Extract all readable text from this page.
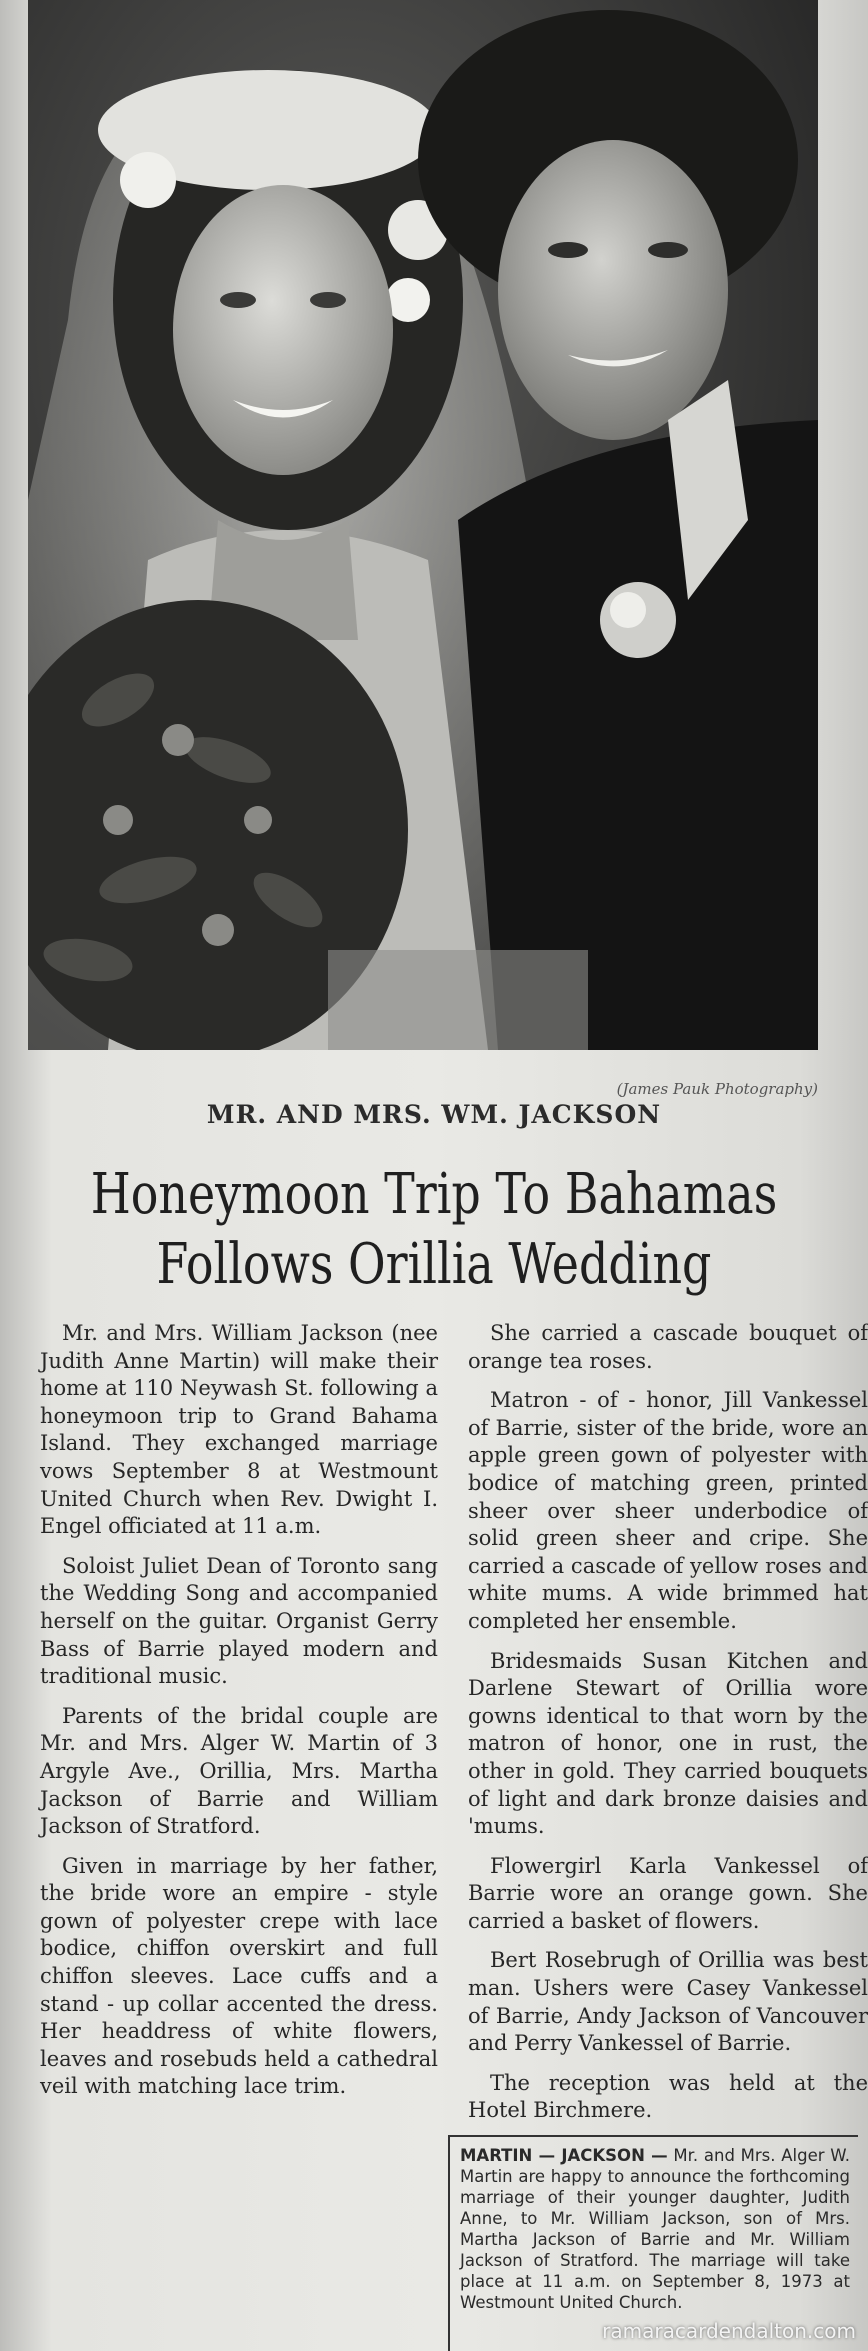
(James Pauk Photography)
MR. AND MRS. WM. JACKSON
Honeymoon Trip To Bahamas
Follows Orillia Wedding

Mr. and Mrs. William Jackson (nee Judith Anne Martin) will make their home at 110 Neywash St. following a honeymoon trip to Grand Bahama Island. They exchanged marriage vows September 8 at Westmount United Church when Rev. Dwight I. Engel officiated at 11 a.m.

Soloist Juliet Dean of Toronto sang the Wedding Song and accompanied herself on the guitar. Organist Gerry Bass of Barrie played modern and traditional music.

Parents of the bridal couple are Mr. and Mrs. Alger W. Martin of 3 Argyle Ave., Orillia, Mrs. Martha Jackson of Barrie and William Jackson of Stratford.

Given in marriage by her father, the bride wore an empire - style gown of polyester crepe with lace bodice, chiffon overskirt and full chiffon sleeves. Lace cuffs and a stand - up collar accented the dress. Her headdress of white flowers, leaves and rosebuds held a cathedral veil with matching lace trim.

She carried a cascade bouquet of orange tea roses.

Matron - of - honor, Jill Vankessel of Barrie, sister of the bride, wore an apple green gown of polyester with bodice of matching green, printed sheer over sheer underbodice of solid green sheer and cripe. She carried a cascade of yellow roses and white mums. A wide brimmed hat completed her ensemble.

Bridesmaids Susan Kitchen and Darlene Stewart of Orillia wore gowns identical to that worn by the matron of honor, one in rust, the other in gold. They carried bouquets of light and dark bronze daisies and 'mums.

Flowergirl Karla Vankessel of Barrie wore an orange gown. She carried a basket of flowers.

Bert Rosebrugh of Orillia was best man. Ushers were Casey Vankessel of Barrie, Andy Jackson of Vancouver and Perry Vankessel of Barrie.

The reception was held at the Hotel Birchmere.

MARTIN — JACKSON — Mr. and Mrs. Alger W. Martin are happy to announce the forthcoming marriage of their younger daughter, Judith Anne, to Mr. William Jackson, son of Mrs. Martha Jackson of Barrie and Mr. William Jackson of Stratford. The marriage will take place at 11 a.m. on September 8, 1973 at Westmount United Church.
ramaracardendalton.com
